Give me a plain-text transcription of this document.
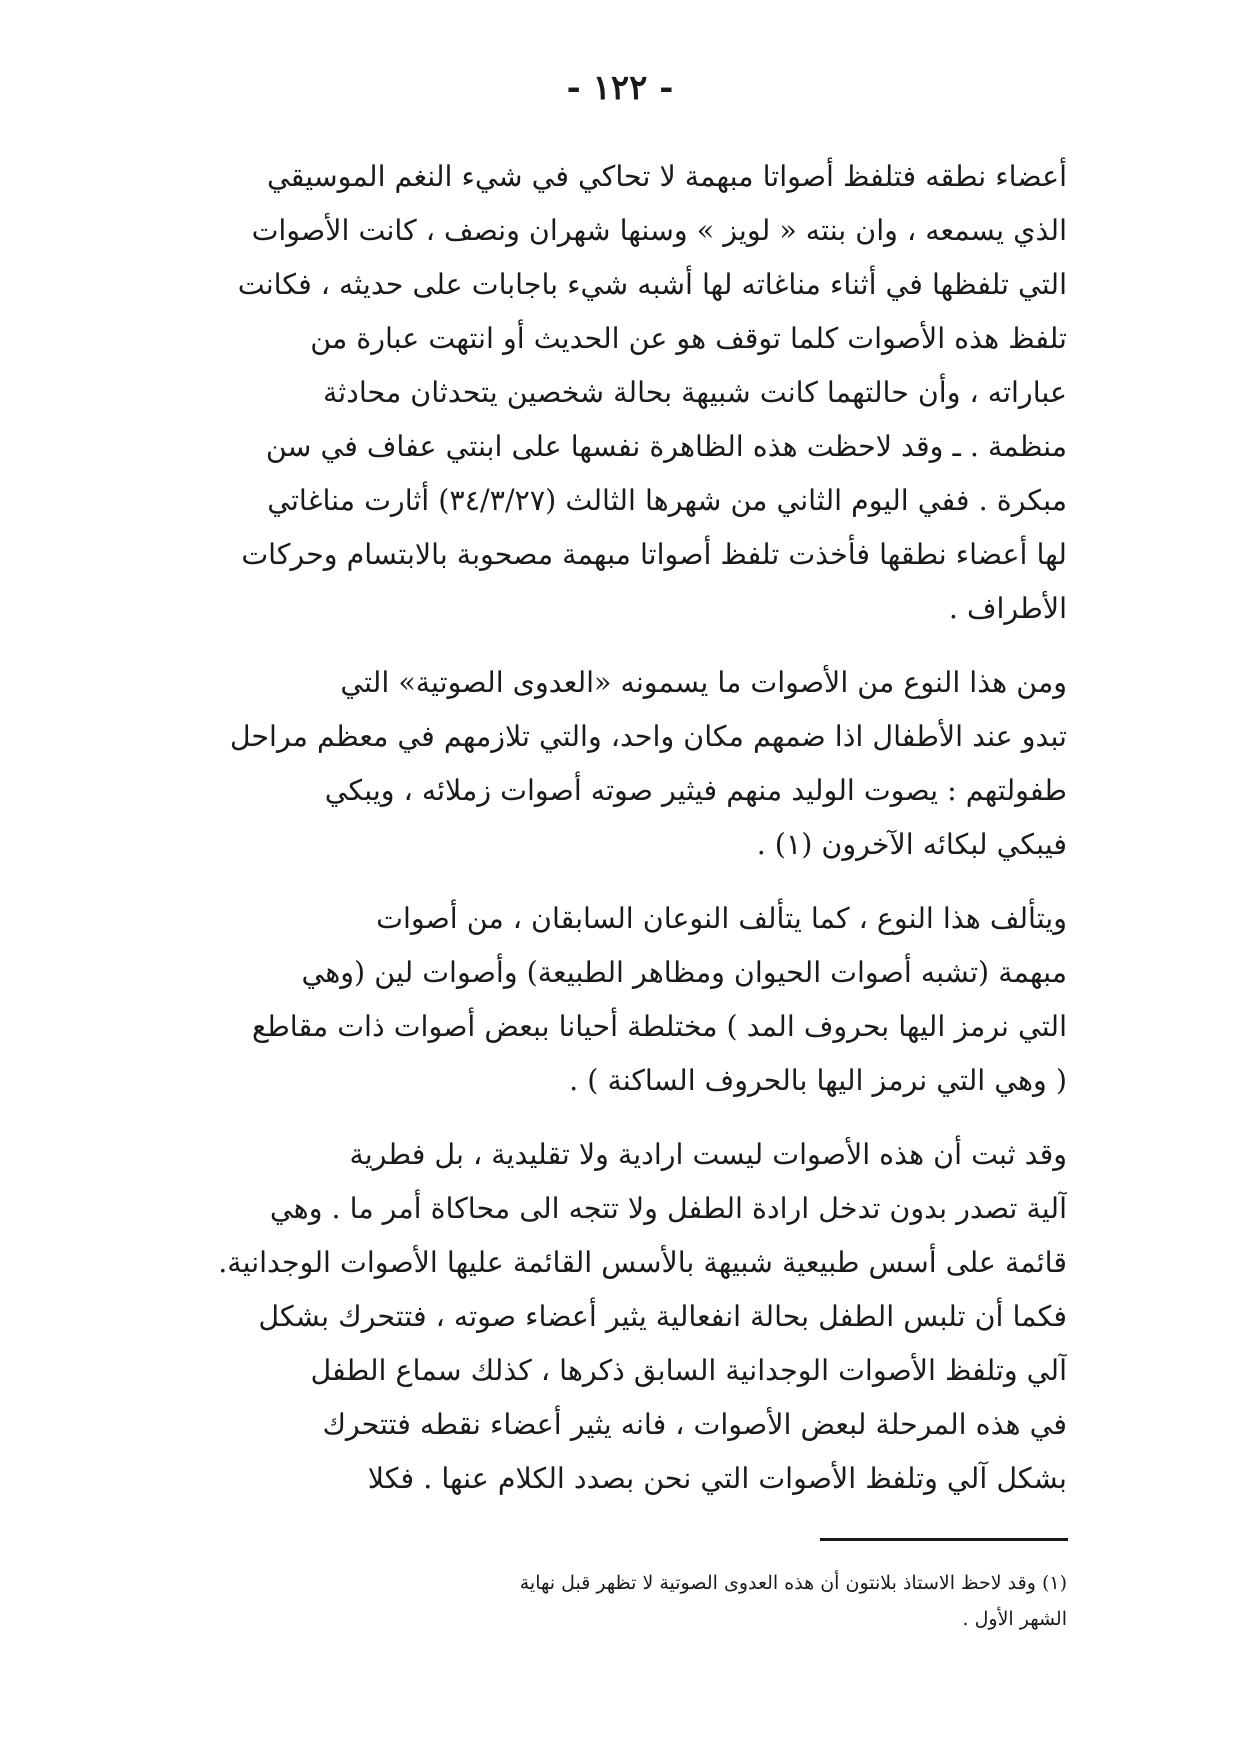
- ١٢٢ -
أعضاء نطقه فتلفظ أصواتا مبهمة لا تحاكي في شيء النغم الموسيقي
الذي يسمعه ، وان بنته « لويز » وسنها شهران ونصف ، كانت الأصوات
التي تلفظها في أثناء مناغاته لها أشبه شيء باجابات على حديثه ، فكانت
تلفظ هذه الأصوات كلما توقف هو عن الحديث أو انتهت عبارة من
عباراته ، وأن حالتهما كانت شبيهة بحالة شخصين يتحدثان محادثة
منظمة . ـ وقد لاحظت هذه الظاهرة نفسها على ابنتي عفاف في سن
مبكرة . ففي اليوم الثاني من شهرها الثالث (٣٤/٣/٢٧) أثارت مناغاتي
لها أعضاء نطقها فأخذت تلفظ أصواتا مبهمة مصحوبة بالابتسام وحركات
الأطراف .
ومن هذا النوع من الأصوات ما يسمونه «العدوى الصوتية» التي
تبدو عند الأطفال اذا ضمهم مكان واحد، والتي تلازمهم في معظم مراحل
طفولتهم : يصوت الوليد منهم فيثير صوته أصوات زملائه ، ويبكي
فيبكي لبكائه الآخرون (١) .
ويتألف هذا النوع ، كما يتألف النوعان السابقان ، من أصوات
مبهمة (تشبه أصوات الحيوان ومظاهر الطبيعة) وأصوات لين (وهي
التي نرمز اليها بحروف المد ) مختلطة أحيانا ببعض أصوات ذات مقاطع
( وهي التي نرمز اليها بالحروف الساكنة ) .
وقد ثبت أن هذه الأصوات ليست ارادية ولا تقليدية ، بل فطرية
آلية تصدر بدون تدخل ارادة الطفل ولا تتجه الى محاكاة أمر ما . وهي
قائمة على أسس طبيعية شبيهة بالأسس القائمة عليها الأصوات الوجدانية.
فكما أن تلبس الطفل بحالة انفعالية يثير أعضاء صوته ، فتتحرك بشكل
آلي وتلفظ الأصوات الوجدانية السابق ذكرها ، كذلك سماع الطفل
في هذه المرحلة لبعض الأصوات ، فانه يثير أعضاء نقطه فتتحرك
بشكل آلي وتلفظ الأصوات التي نحن بصدد الكلام عنها . فكلا
(١) وقد لاحظ الاستاذ بلانتون أن هذه العدوى الصوتية لا تظهر قبل نهاية
الشهر الأول .
